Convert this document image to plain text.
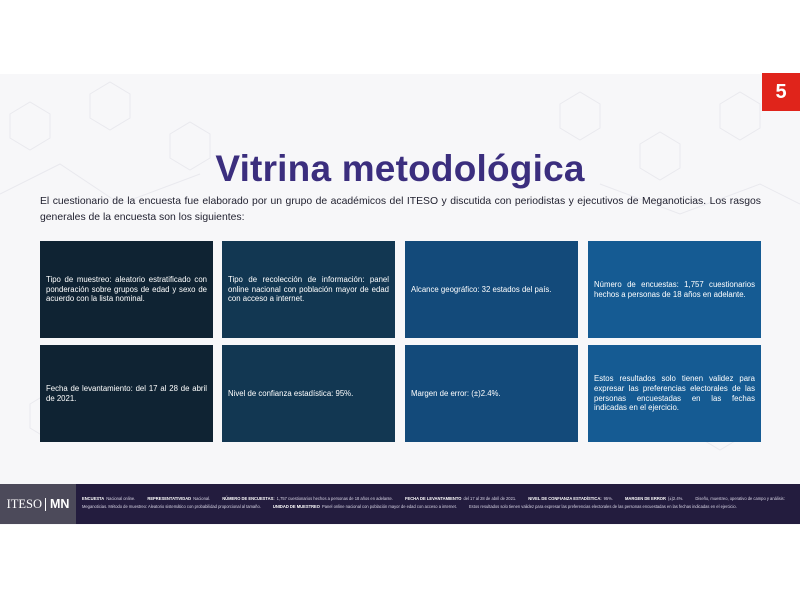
5
Vitrina metodológica

El cuestionario de la encuesta fue elaborado por un grupo de académicos del ITESO y discutida con periodistas y ejecutivos de Meganoticias. Los rasgos generales de la encuesta son los siguientes:

Tipo de muestreo: aleatorio estratificado con ponderación sobre grupos de edad y sexo de acuerdo con la lista nominal.
Tipo de recolección de información: panel online nacional con población mayor de edad con acceso a internet.
Alcance geográfico: 32 estados del país.
Número de encuestas: 1,757 cuestionarios hechos a personas de 18 años en adelante.
Fecha de levantamiento: del 17 al 28 de abril de 2021.
Nivel de confianza estadística: 95%.	Margen de error: (±)2.4%.
Estos resultados solo tienen validez para expresar las preferencias electorales de las personas encuestadas en las fechas indicadas en el ejercicio.
ITESO MN	ENCUESTA Nacional online.	REPRESENTATIVIDAD Nacional.	NÚMERO DE ENCUESTAS: 1,757 cuestionarios hechos a personas de 18 años en adelante.	FECHA DE LEVANTAMIENTO del 17 al 28 de abril de 2021.	NIVEL DE CONFIANZA ESTADÍSTICA: 95%.	MARGEN DE ERROR (±)2.4%.	Diseño, muestreo, operativo de campo y análisis:
Meganoticias. Método de muestreo: Aleatorio sistemático con probabilidad proporcional al tamaño.	UNIDAD DE MUESTREO Panel online nacional con población mayor de edad con acceso a internet.	Estos resultados solo tienen validez para expresar las preferencias electorales de las personas encuestadas en las fechas indicadas en el ejercicio.
